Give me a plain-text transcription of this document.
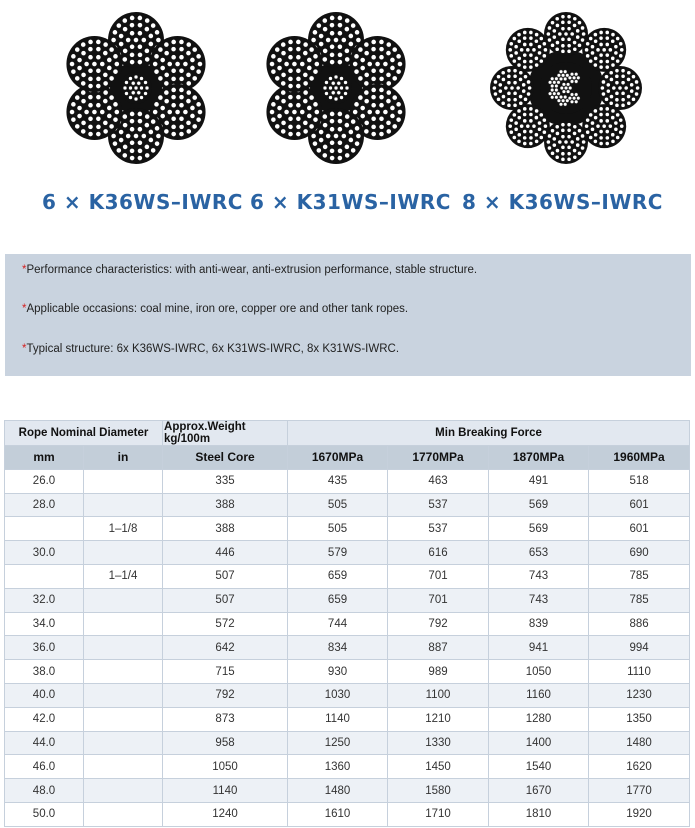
6 × K36WS–IWRC 6 × K31WS–IWRC 8 × K36WS–IWRC

*Performance characteristics: with anti-wear, anti-extrusion performance, stable structure.

*Applicable occasions: coal mine, iron ore, copper ore and other tank ropes.

*Typical structure: 6x K36WS-IWRC, 6x K31WS-IWRC, 8x K31WS-IWRC.

Rope Nominal Diameter		Approx.Weight kg/100m	Min Breaking Force			
mm	in	Steel Core	1670MPa	1770MPa	1870MPa	1960MPa
26.0		335	435	463	491	518
28.0		388	505	537	569	601
	1–1/8	388	505	537	569	601
30.0		446	579	616	653	690
	1–1/4	507	659	701	743	785
32.0		507	659	701	743	785
34.0		572	744	792	839	886
36.0		642	834	887	941	994
38.0		715	930	989	1050	1110
40.0		792	1030	1100	1160	1230
42.0		873	1140	1210	1280	1350
44.0		958	1250	1330	1400	1480
46.0		1050	1360	1450	1540	1620
48.0		1140	1480	1580	1670	1770
50.0		1240	1610	1710	1810	1920
